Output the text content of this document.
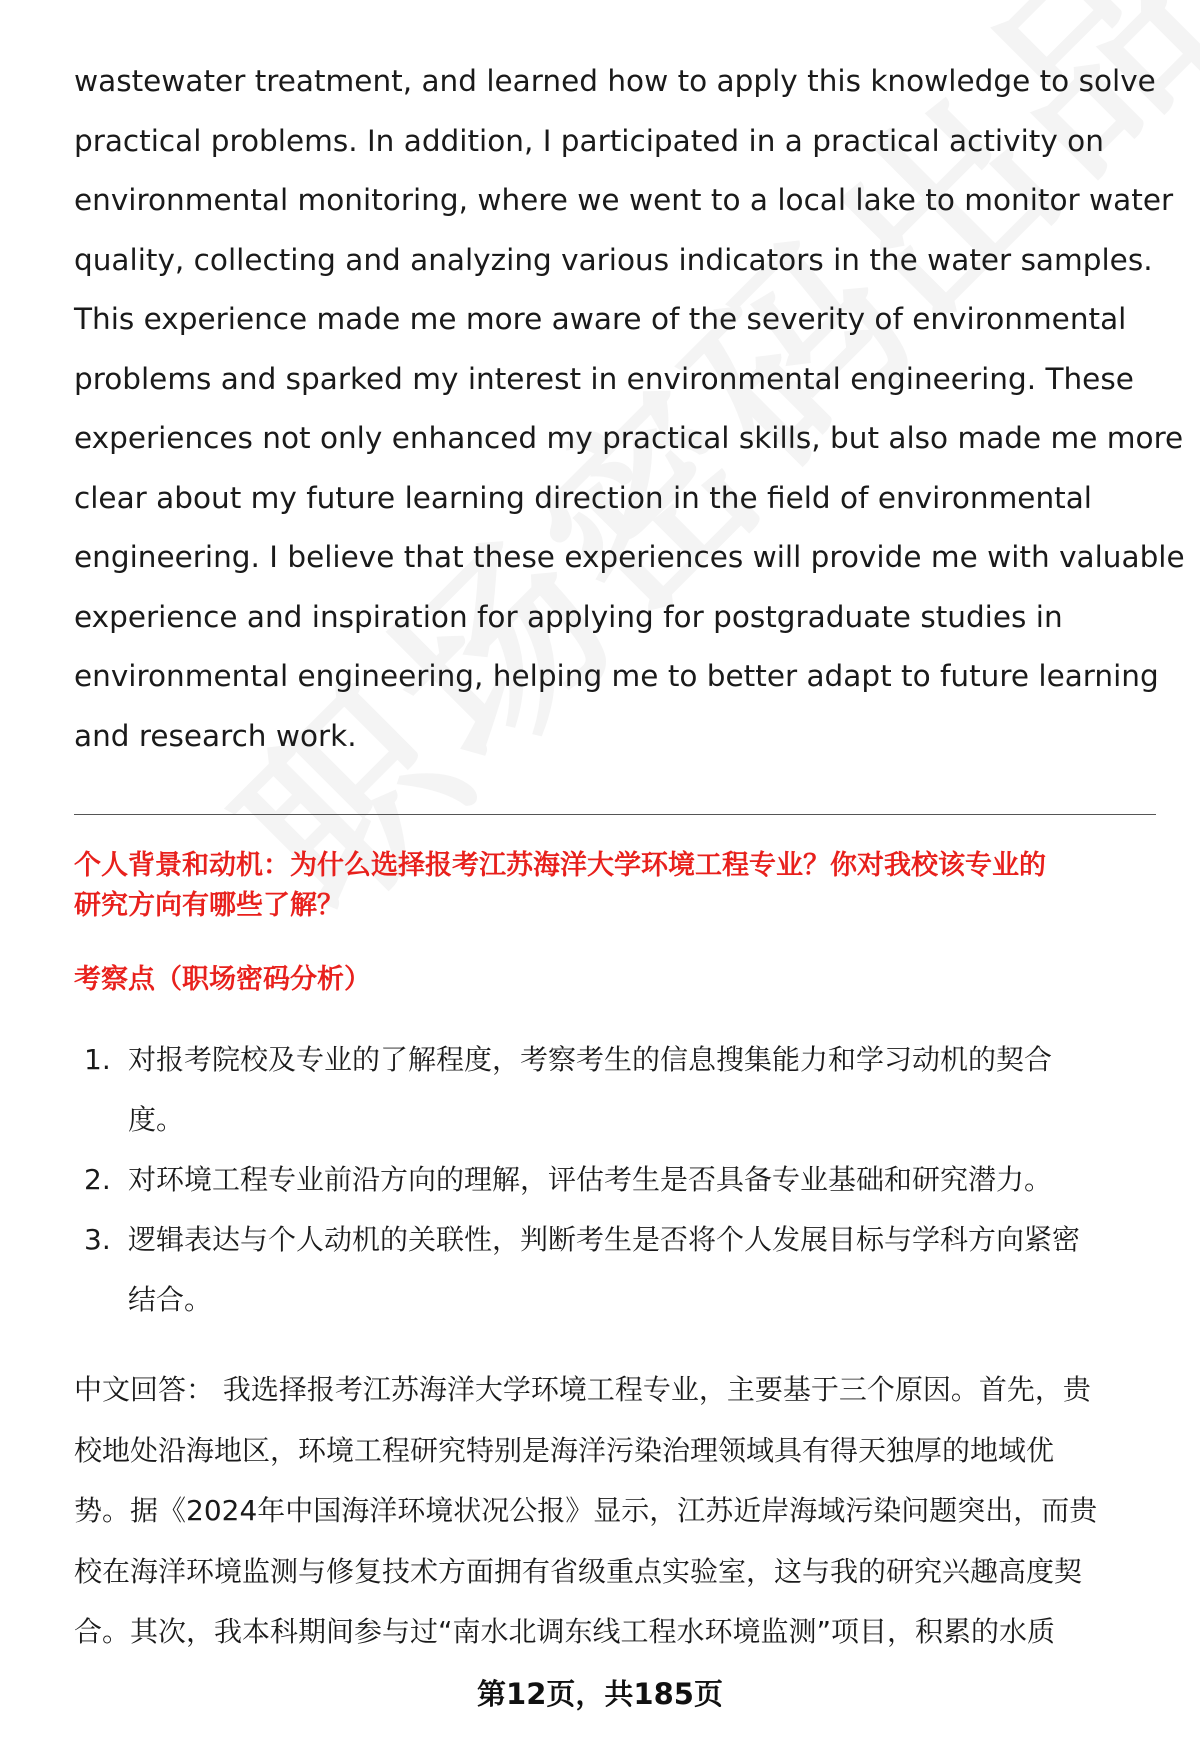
wastewater treatment, and learned how to apply this knowledge to solve
practical problems. In addition, I participated in a practical activity on
environmental monitoring, where we went to a local lake to monitor water
quality, collecting and analyzing various indicators in the water samples.
This experience made me more aware of the severity of environmental
problems and sparked my interest in environmental engineering. These
experiences not only enhanced my practical skills, but also made me more
clear about my future learning direction in the field of environmental
engineering. I believe that these experiences will provide me with valuable
experience and inspiration for applying for postgraduate studies in
environmental engineering, helping me to better adapt to future learning
and research work.

个人背景和动机：为什么选择报考江苏海洋大学环境工程专业？你对我校该专业的
研究方向有哪些了解？
考察点（职场密码分析）
1. 对报考院校及专业的了解程度，考察考生的信息搜集能力和学习动机的契合
度。
2. 对环境工程专业前沿方向的理解，评估考生是否具备专业基础和研究潜力。
3. 逻辑表达与个人动机的关联性，判断考生是否将个人发展目标与学科方向紧密
结合。

中文回答： 我选择报考江苏海洋大学环境工程专业，主要基于三个原因。首先，贵
校地处沿海地区，环境工程研究特别是海洋污染治理领域具有得天独厚的地域优
势。据《2024年中国海洋环境状况公报》显示，江苏近岸海域污染问题突出，而贵
校在海洋环境监测与修复技术方面拥有省级重点实验室，这与我的研究兴趣高度契
合。其次，我本科期间参与过“南水北调东线工程水环境监测”项目，积累的水质

第12页，共185页
